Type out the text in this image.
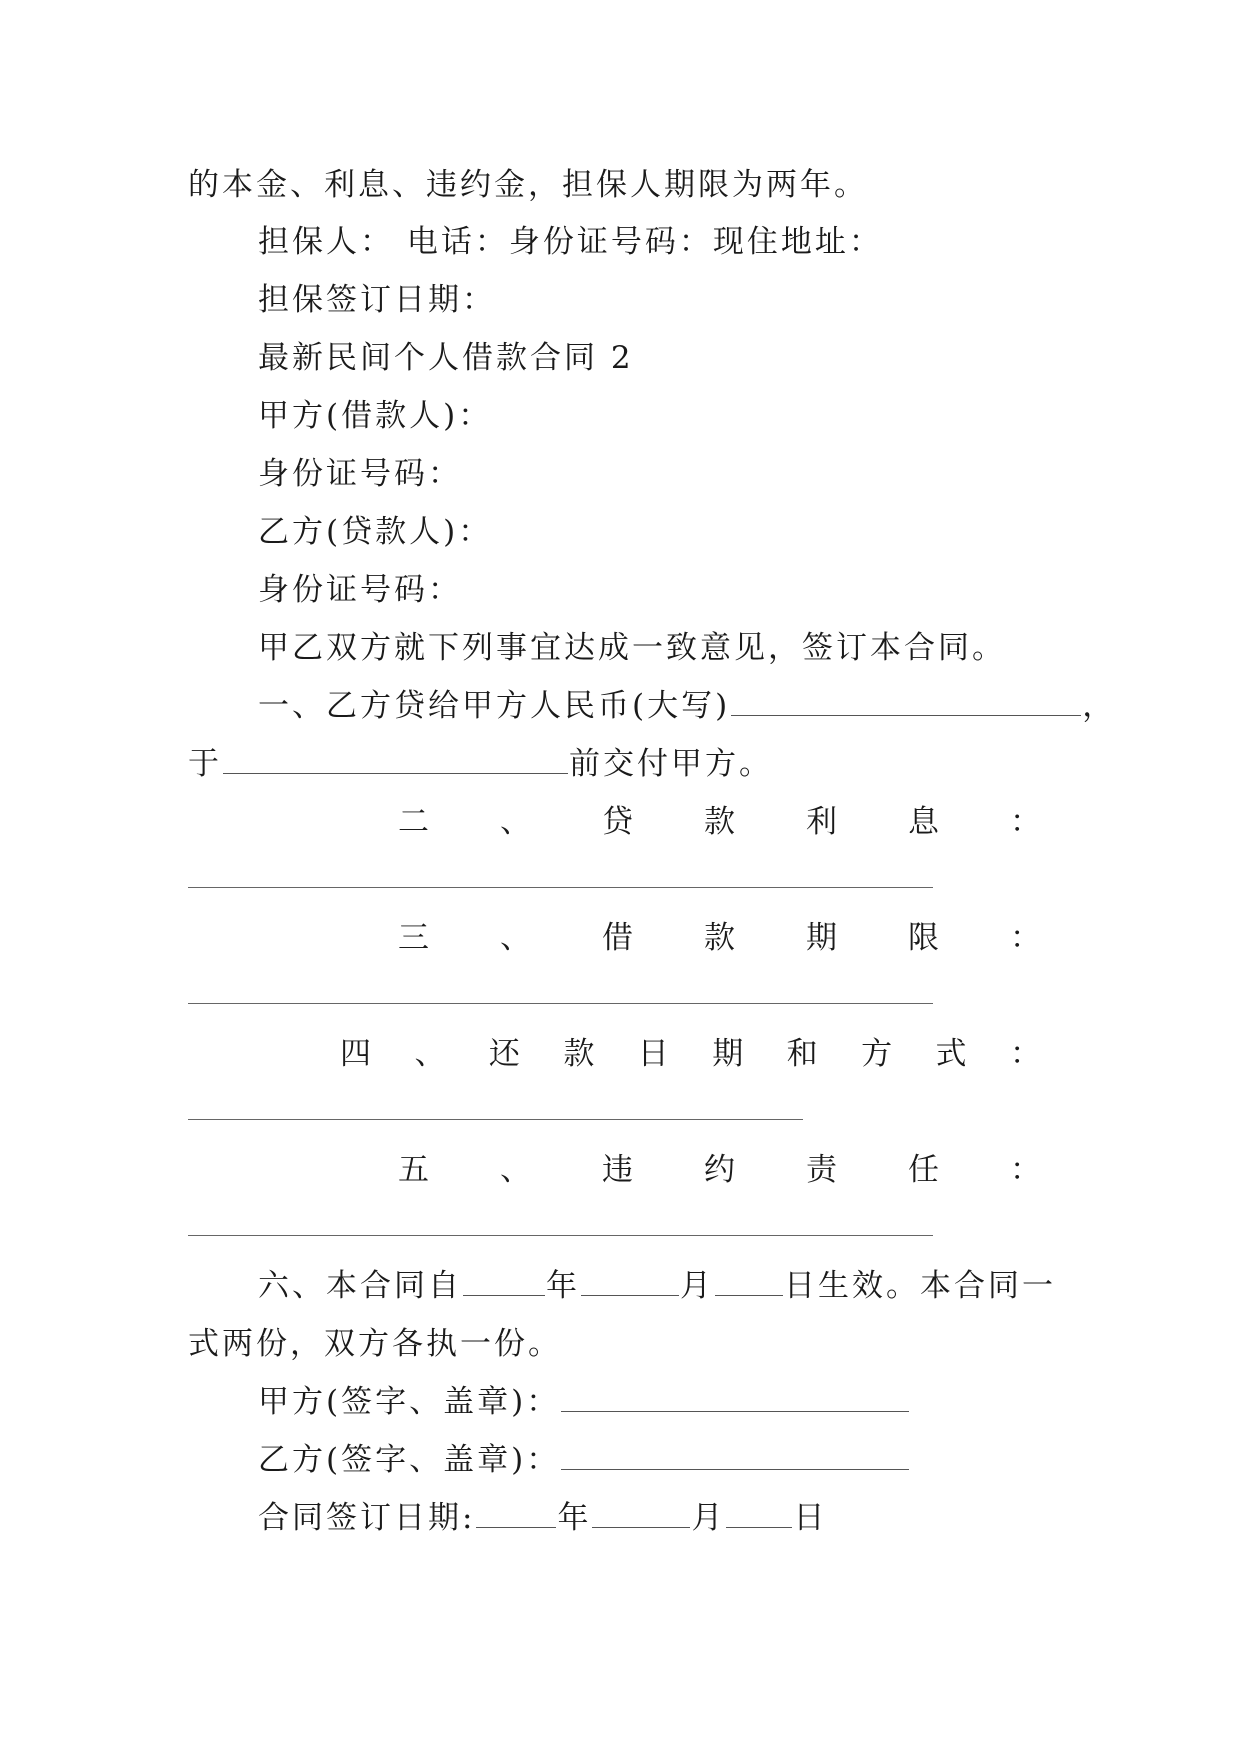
的本金、利息、违约金，担保人期限为两年。
担保人： 电话：身份证号码：现住地址：
担保签订日期：
最新民间个人借款合同 2
甲方(借款人)：
身份证号码：
乙方(贷款人)：
身份证号码：
甲乙双方就下列事宜达成一致意见，签订本合同。
一、乙方贷给甲方人民币(大写)	，
于	前交付甲方。
二 、 贷 款 利 息 ：
三 、 借 款 期 限 ：
四 、 还 款 日 期 和 方 式 ：
五 、 违 约 责 任 ：
六、本合同自	年	月 日生效。本合同一
式两份，双方各执一份。
甲方(签字、盖章)：
乙方(签字、盖章)：
合同签订日期:	年	月 日
